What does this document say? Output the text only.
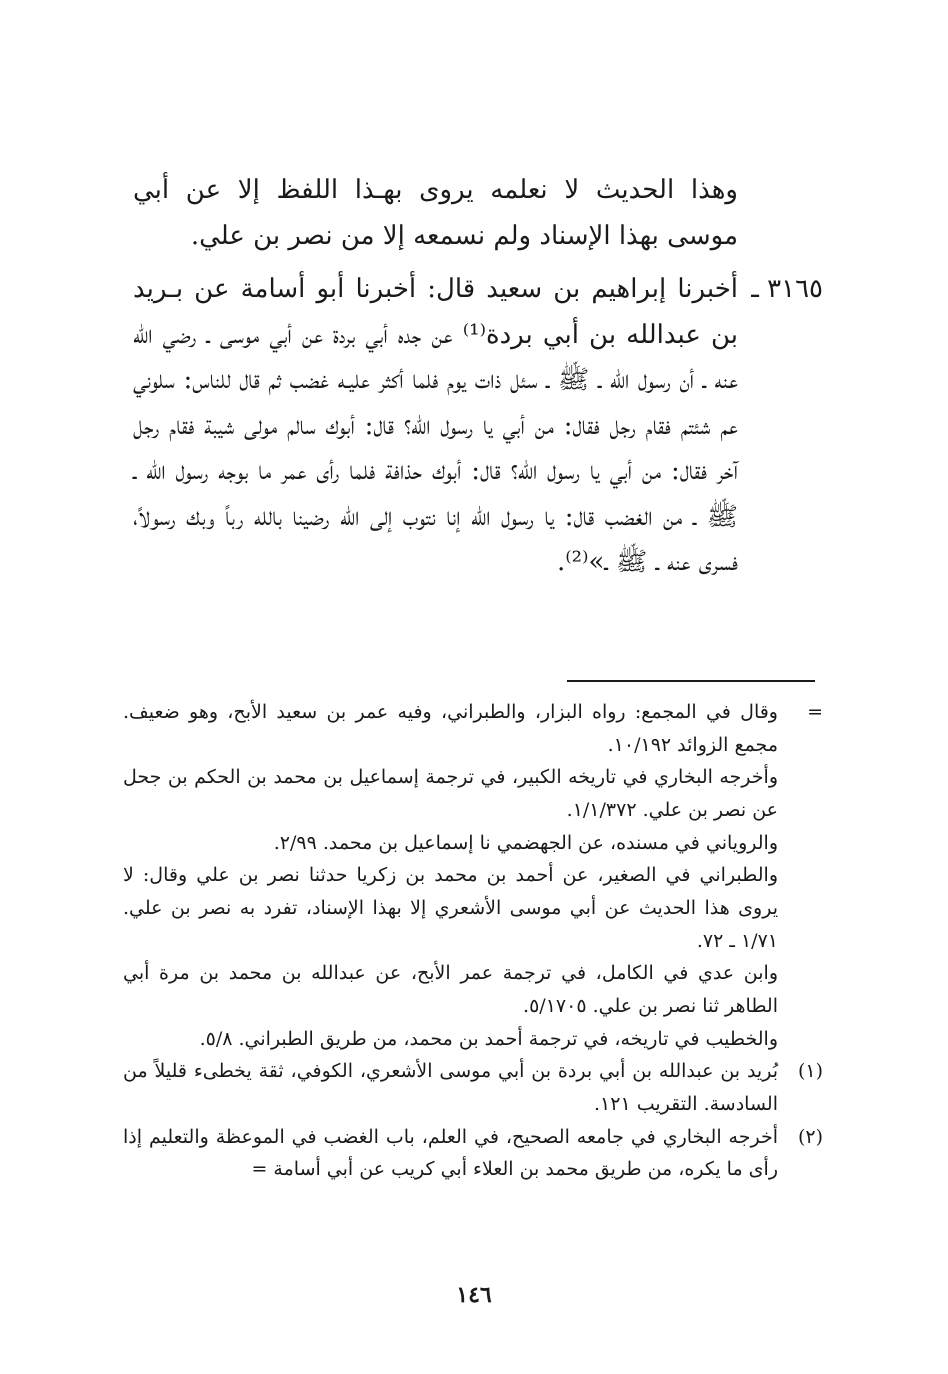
وهذا الحديث لا نعلمه يروى بهـذا اللفظ إلا عن أبي موسى بهذا الإسناد ولم نسمعه إلا من نصر بن علي.

٣١٦٥ ـ
أخبرنا إبراهيم بن سعيد قال: أخبرنا أبو أسامة عن بـريد بن عبدالله بن أبي بردة⁽¹⁾ عن جده أبي بردة عن أبي موسى ـ رضي الله عنه ـ أن رسول الله ـ ﷺ ـ سئل ذات يوم فلما أكثر عليـه غضب ثم قال للناس: سلوني عم شئتم فقام رجل فقال: من أبي يا رسول الله؟ قال: أبوك سالم مولى شيبة فقام رجل آخر فقال: من أبي يا رسول الله؟ قال: أبوك حذافة فلما رأى عمر ما بوجه رسول الله ـ ﷺ ـ من الغضب قال: يا رسول الله إنا نتوب إلى الله رضينا بالله رباً وبك رسولاً، فسرى عنه ـ ﷺ ـ»⁽²⁾.

=
وقال في المجمع: رواه البزار، والطبراني، وفيه عمر بن سعيد الأبح، وهو ضعيف. مجمع الزوائد ١٠/١٩٢.
وأخرجه البخاري في تاريخه الكبير، في ترجمة إسماعيل بن محمد بن الحكم بن جحل عن نصر بن علي. ١/١/٣٧٢.
والروياني في مسنده، عن الجهضمي نا إسماعيل بن محمد. ٢/٩٩.
والطبراني في الصغير، عن أحمد بن محمد بن زكريا حدثنا نصر بن علي وقال: لا يروى هذا الحديث عن أبي موسى الأشعري إلا بهذا الإسناد، تفرد به نصر بن علي. ١/٧١ ـ ٧٢.
وابن عدي في الكامل، في ترجمة عمر الأبح، عن عبدالله بن محمد بن مرة أبي الطاهر ثنا نصر بن علي. ٥/١٧٠٥.
والخطيب في تاريخه، في ترجمة أحمد بن محمد، من طريق الطبراني. ٥/٨.
(١)
بُريد بن عبدالله بن أبي بردة بن أبي موسى الأشعري، الكوفي، ثقة يخطىء قليلاً من السادسة. التقريب ١٢١.
(٢)
أخرجه البخاري في جامعه الصحيح، في العلم، باب الغضب في الموعظة والتعليم إذا رأى ما يكره، من طريق محمد بن العلاء أبي كريب عن أبي أسامة =
١٤٦
